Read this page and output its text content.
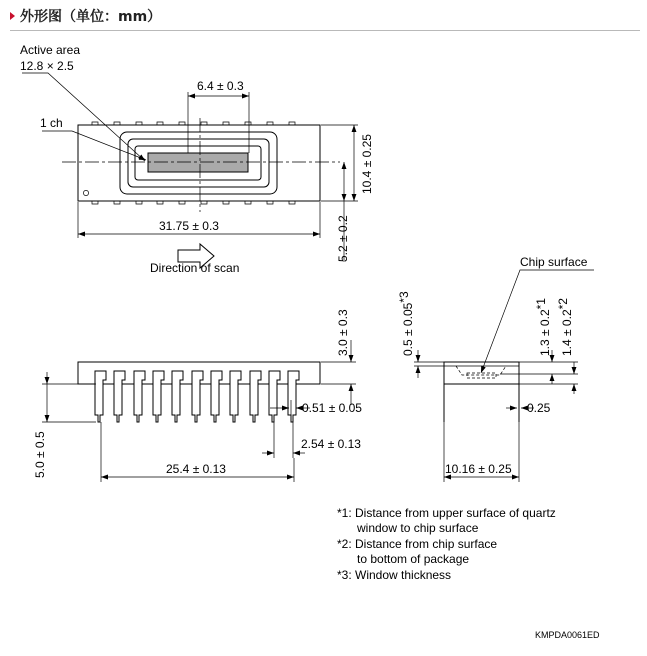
外形图（单位：mm）
Active area
12.8 × 2.5
1 ch
6.4 ± 0.3
31.75 ± 0.3
Direction of scan
10.4 ± 0.25
5.2 ± 0.2
3.0 ± 0.3
5.0 ± 0.5
0.51 ± 0.05
2.54 ± 0.13
25.4 ± 0.13
Chip surface
0.5 ± 0.05*3
1.3 ± 0.2*1
1.4 ± 0.2*2
0.25
10.16 ± 0.25
*1: Distance from upper surface of quartz
window to chip surface
*2: Distance from chip surface
to bottom of package
*3: Window thickness
KMPDA0061ED
